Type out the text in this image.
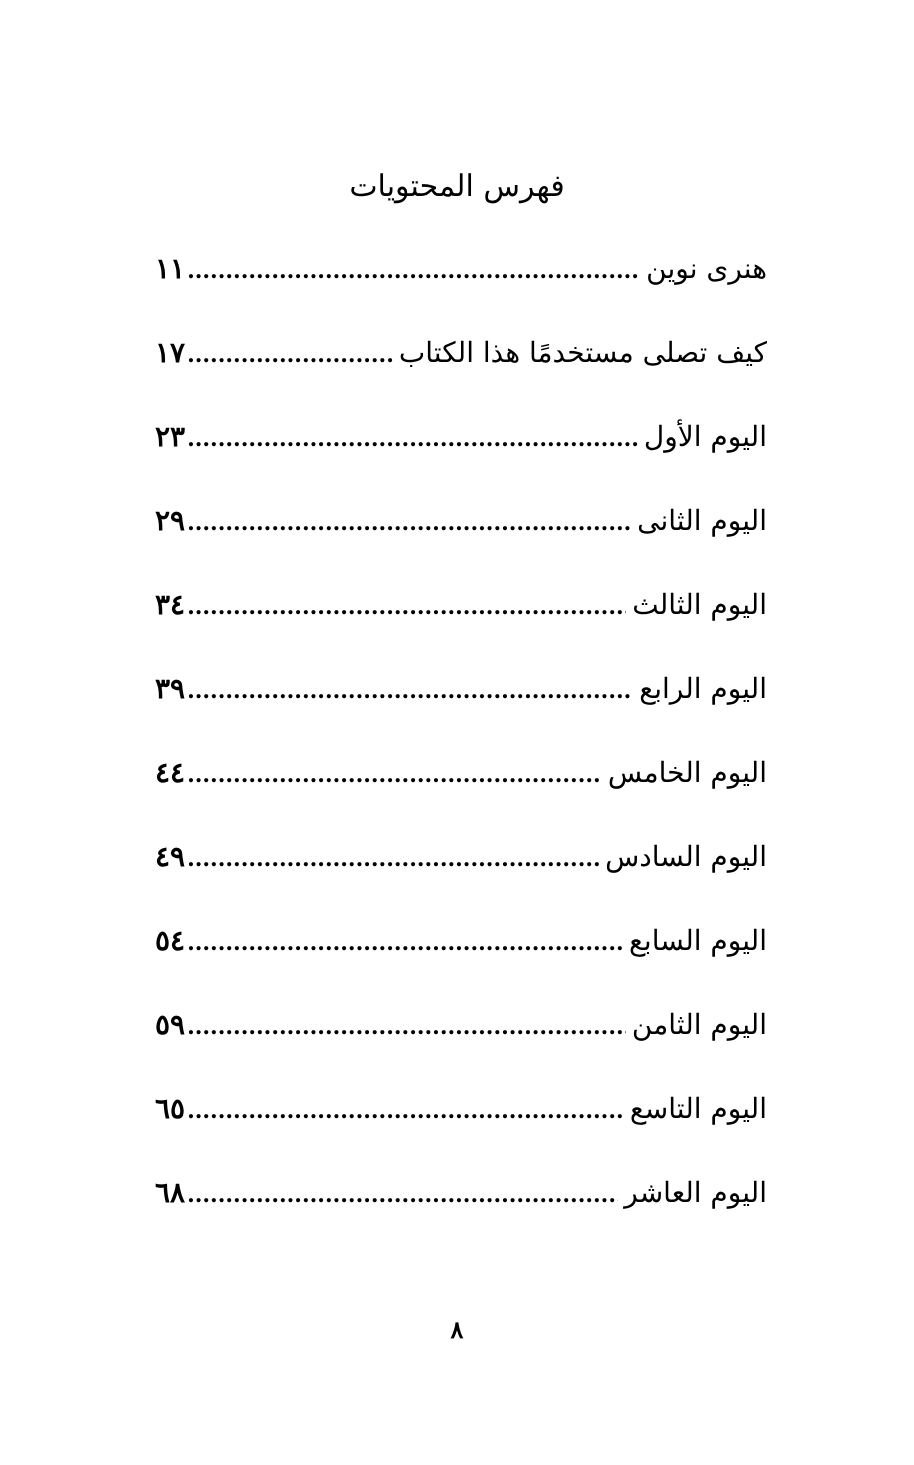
فهرس المحتويات
هنرى نوين
.....
١١
كيف تصلى مستخدمًا هذا الكتاب
.....
١٧
اليوم الأول
.....
٢٣
اليوم الثانى
.....
٢٩
اليوم الثالث
.....
٣٤
اليوم الرابع
.....
٣٩
اليوم الخامس
.....
٤٤
اليوم السادس
.....
٤٩
اليوم السابع
.....
٥٤
اليوم الثامن
.....
٥٩
اليوم التاسع
.....
٦٥
اليوم العاشر
.....
٦٨
٨
